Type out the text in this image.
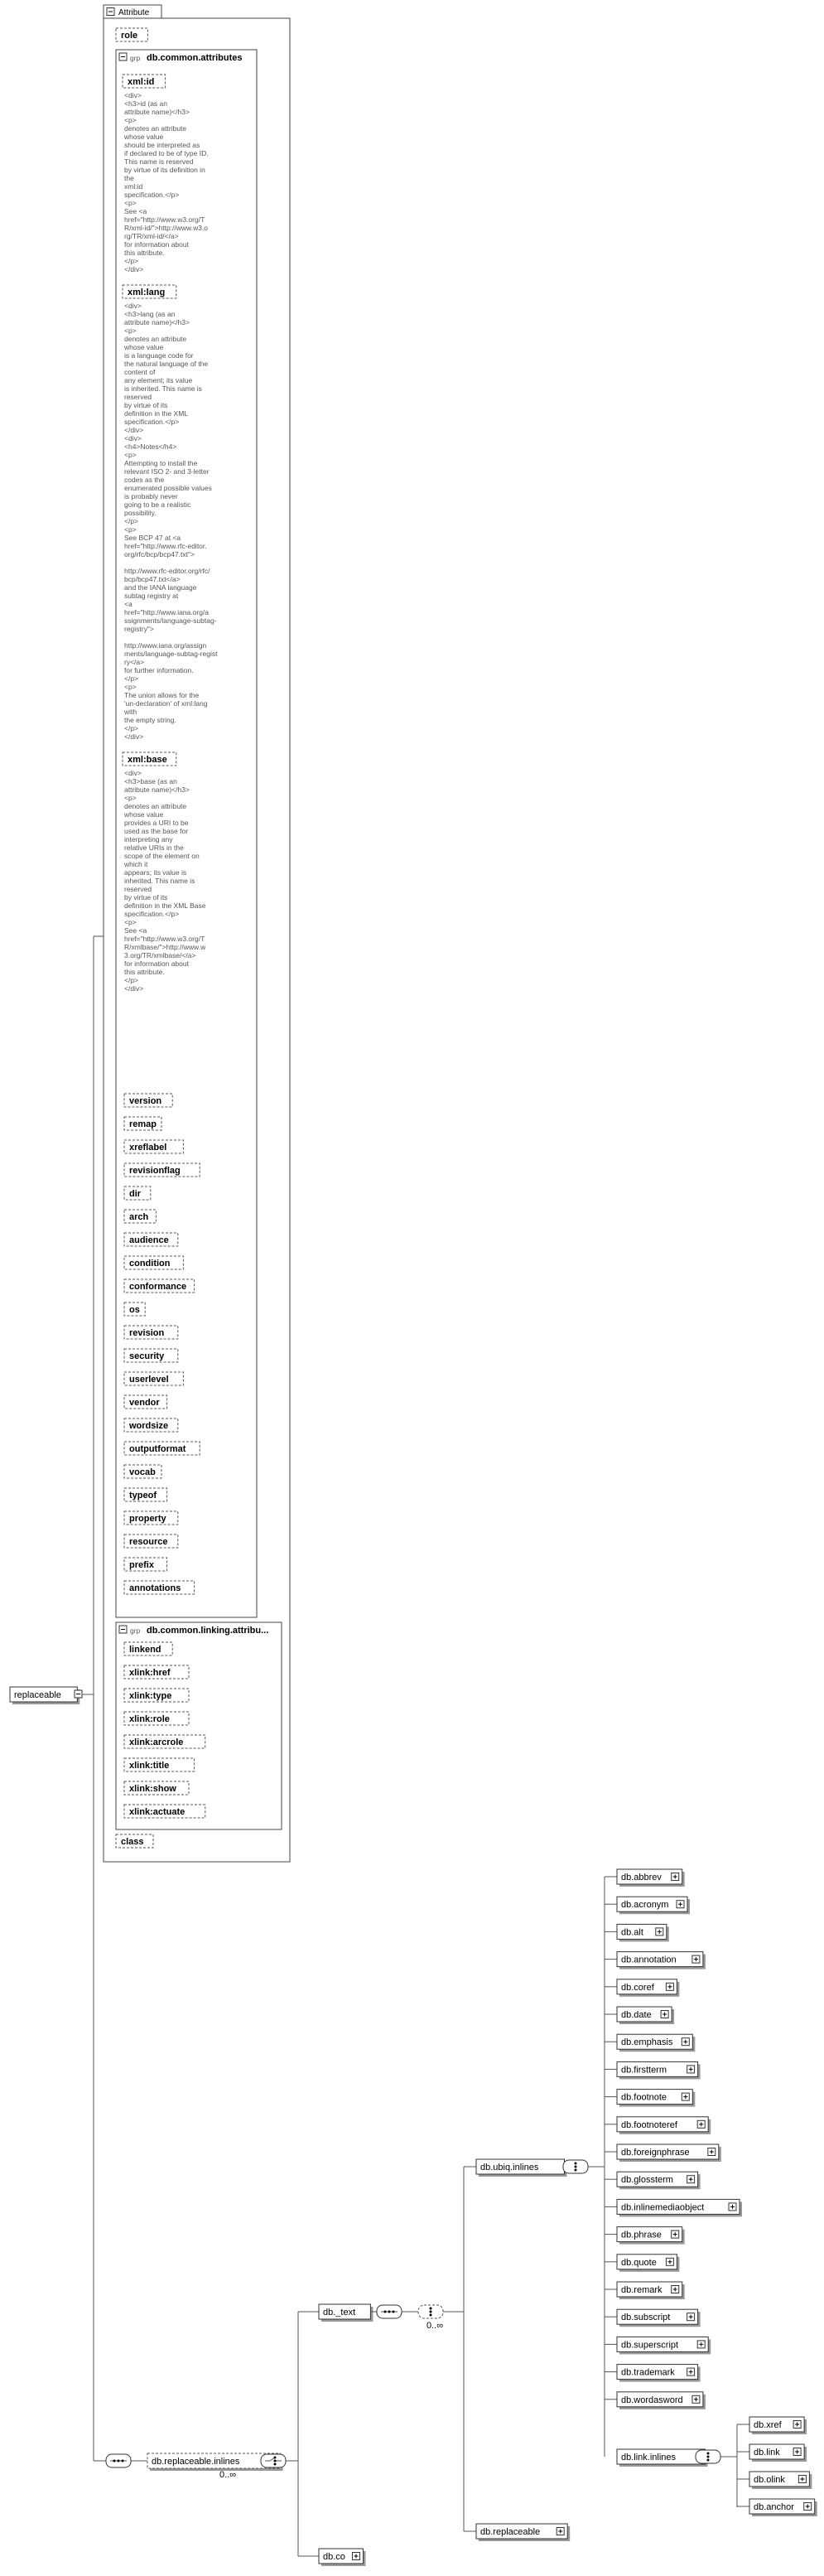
replaceable
Attribute
role
grp db.common.attributes
xml:id
<div>
<h3>id (as an
attribute name)</h3>
<p>
denotes an attribute
whose value
should be interpreted as
if declared to be of type ID.
This name is reserved
by virtue of its definition in
the
xml:id
specification.</p>
<p>
See <a
href="http://www.w3.org/T
R/xml-id/">http://www.w3.o
rg/TR/xml-id/</a>
for information about
this attribute.
</p>
</div>
xml:lang
<div>
<h3>lang (as an
attribute name)</h3>
<p>
denotes an attribute
whose value
is a language code for
the natural language of the
content of
any element; its value
is inherited. This name is
reserved
by virtue of its
definition in the XML
specification.</p>
</div>
<div>
<h4>Notes</h4>
<p>
Attempting to install the
relevant ISO 2- and 3-letter
codes as the
enumerated possible values
is probably never
going to be a realistic
possibility.
</p>
<p>
See BCP 47 at <a
href="http://www.rfc-editor.
org/rfc/bcp/bcp47.txt">
http://www.rfc-editor.org/rfc/
bcp/bcp47.txt</a>
and the IANA language
subtag registry at
<a
href="http://www.iana.org/a
ssignments/language-subtag-
registry">
http://www.iana.org/assign
ments/language-subtag-regist
ry</a>
for further information.
</p>
<p>
The union allows for the
'un-declaration' of xml:lang
with
the empty string.
</p>
</div>
xml:base
<div>
<h3>base (as an
attribute name)</h3>
<p>
denotes an attribute
whose value
provides a URI to be
used as the base for
interpreting any
relative URIs in the
scope of the element on
which it
appears; its value is
inherited. This name is
reserved
by virtue of its
definition in the XML Base
specification.</p>
<p>
See <a
href="http://www.w3.org/T
R/xmlbase/">http://www.w
3.org/TR/xmlbase/</a>
for information about
this attribute.
</p>
</div>
version
remap
xreflabel
revisionflag
dir
arch
audience
condition
conformance
os
revision
security
userlevel
vendor
wordsize
outputformat
vocab
typeof
property
resource
prefix
annotations
grp db.common.linking.attribu...
linkend
xlink:href
xlink:type
xlink:role
xlink:arcrole
xlink:title
xlink:show
xlink:actuate
class
db.replaceable.inlines
0..∞
db._text
0..∞
db.co
db.ubiq.inlines
db.abbrev
db.acronym
db.alt
db.annotation
db.coref
db.date
db.emphasis
db.firstterm
db.footnote
db.footnoteref
db.foreignphrase
db.glossterm
db.inlinemediaobject
db.phrase
db.quote
db.remark
db.subscript
db.superscript
db.trademark
db.wordasword
db.link.inlines
db.xref
db.link
db.olink
db.anchor
db.replaceable
